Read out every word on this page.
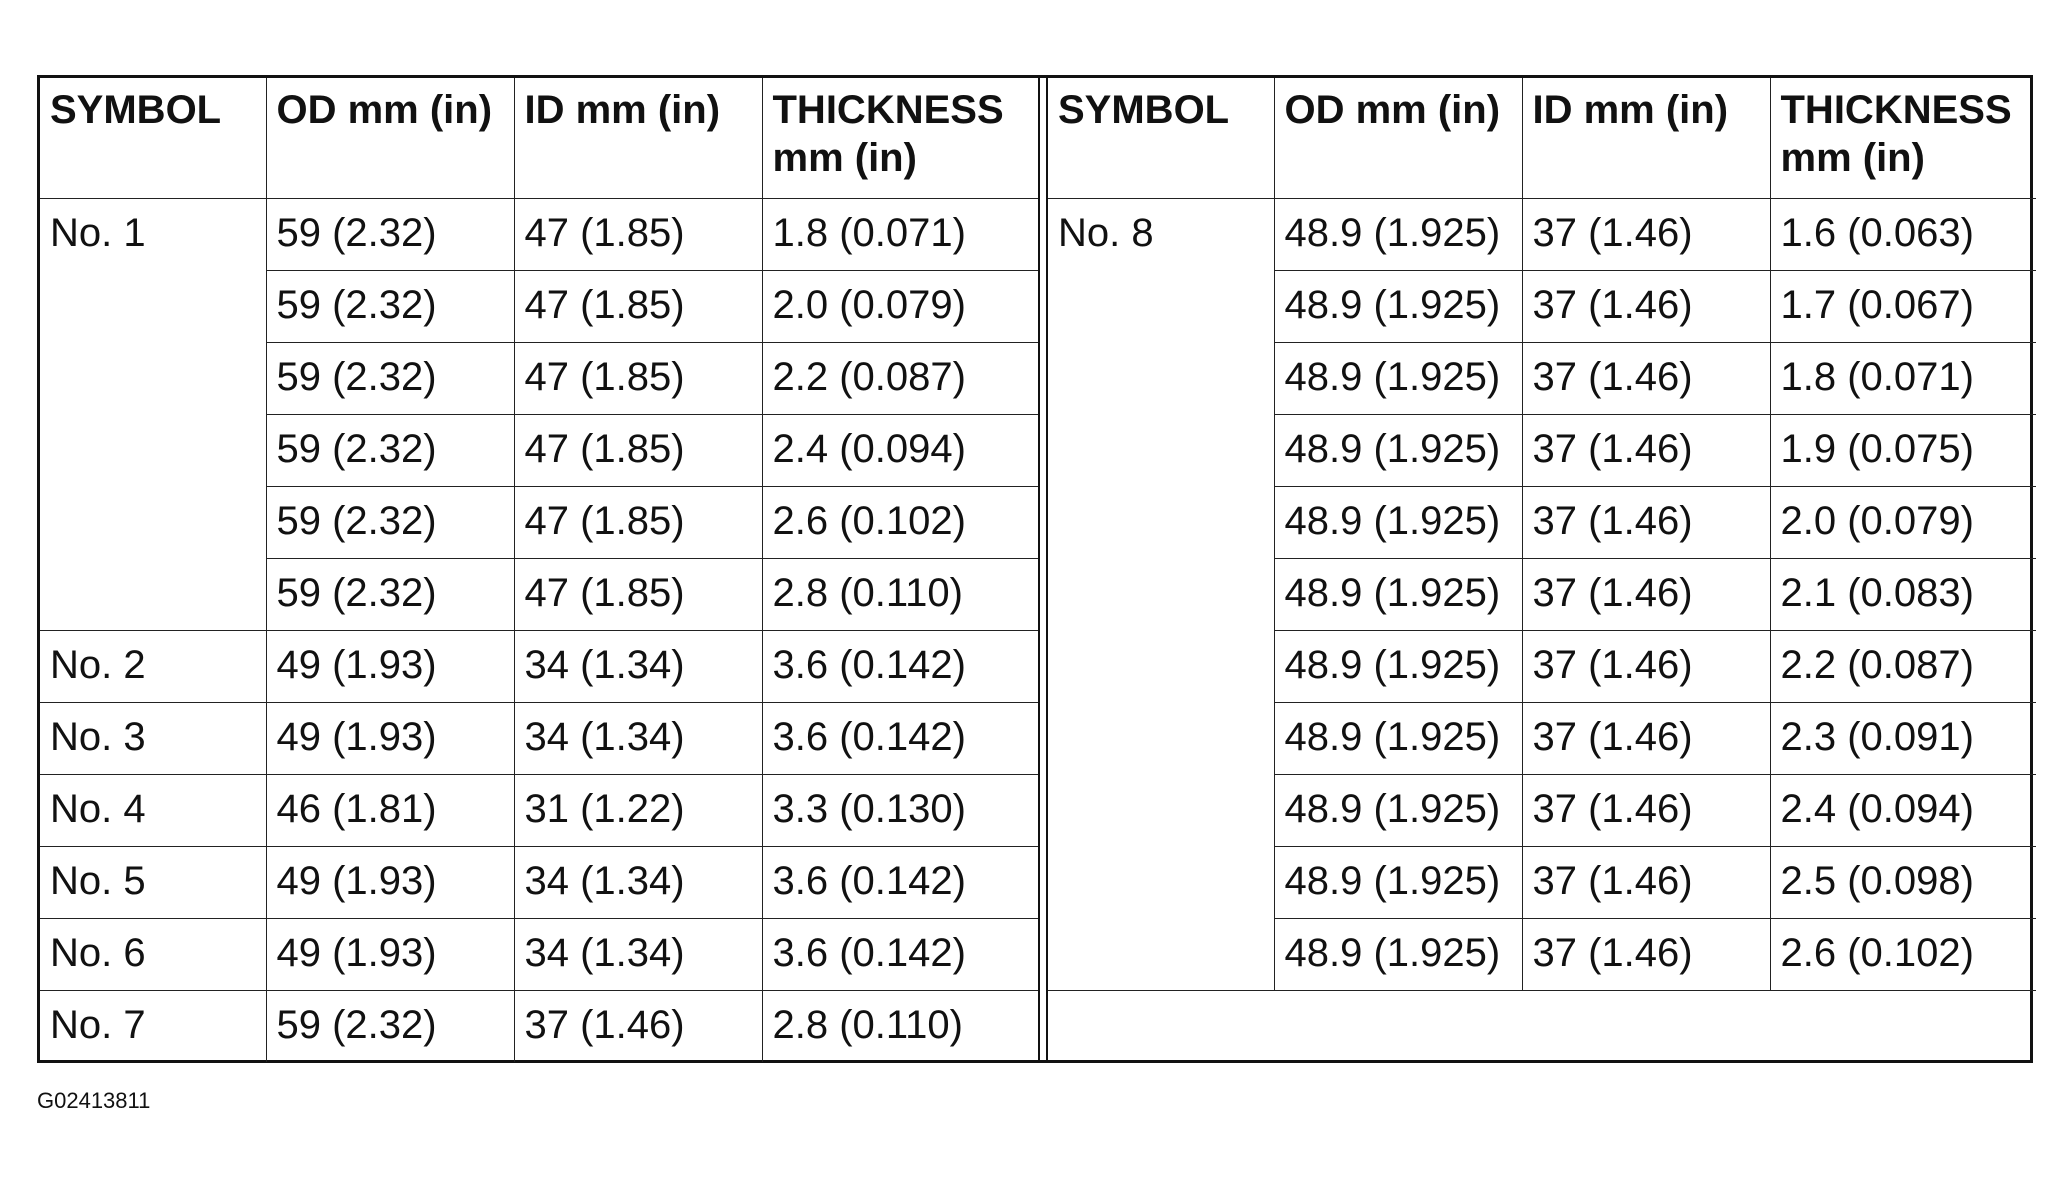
SYMBOL	OD mm (in)	ID mm (in)	THICKNESS mm (in)
No. 1	59 (2.32)	47 (1.85)	1.8 (0.071)
	59 (2.32)	47 (1.85)	2.0 (0.079)
	59 (2.32)	47 (1.85)	2.2 (0.087)
	59 (2.32)	47 (1.85)	2.4 (0.094)
	59 (2.32)	47 (1.85)	2.6 (0.102)
	59 (2.32)	47 (1.85)	2.8 (0.110)
No. 2	49 (1.93)	34 (1.34)	3.6 (0.142)
No. 3	49 (1.93)	34 (1.34)	3.6 (0.142)
No. 4	46 (1.81)	31 (1.22)	3.3 (0.130)
No. 5	49 (1.93)	34 (1.34)	3.6 (0.142)
No. 6	49 (1.93)	34 (1.34)	3.6 (0.142)
No. 7	59 (2.32)	37 (1.46)	2.8 (0.110)
SYMBOL	OD mm (in)	ID mm (in)	THICKNESS mm (in)
No. 8	48.9 (1.925)	37 (1.46)	1.6 (0.063)
	48.9 (1.925)	37 (1.46)	1.7 (0.067)
	48.9 (1.925)	37 (1.46)	1.8 (0.071)
	48.9 (1.925)	37 (1.46)	1.9 (0.075)
	48.9 (1.925)	37 (1.46)	2.0 (0.079)
	48.9 (1.925)	37 (1.46)	2.1 (0.083)
	48.9 (1.925)	37 (1.46)	2.2 (0.087)
	48.9 (1.925)	37 (1.46)	2.3 (0.091)
	48.9 (1.925)	37 (1.46)	2.4 (0.094)
	48.9 (1.925)	37 (1.46)	2.5 (0.098)
	48.9 (1.925)	37 (1.46)	2.6 (0.102)

G02413811
